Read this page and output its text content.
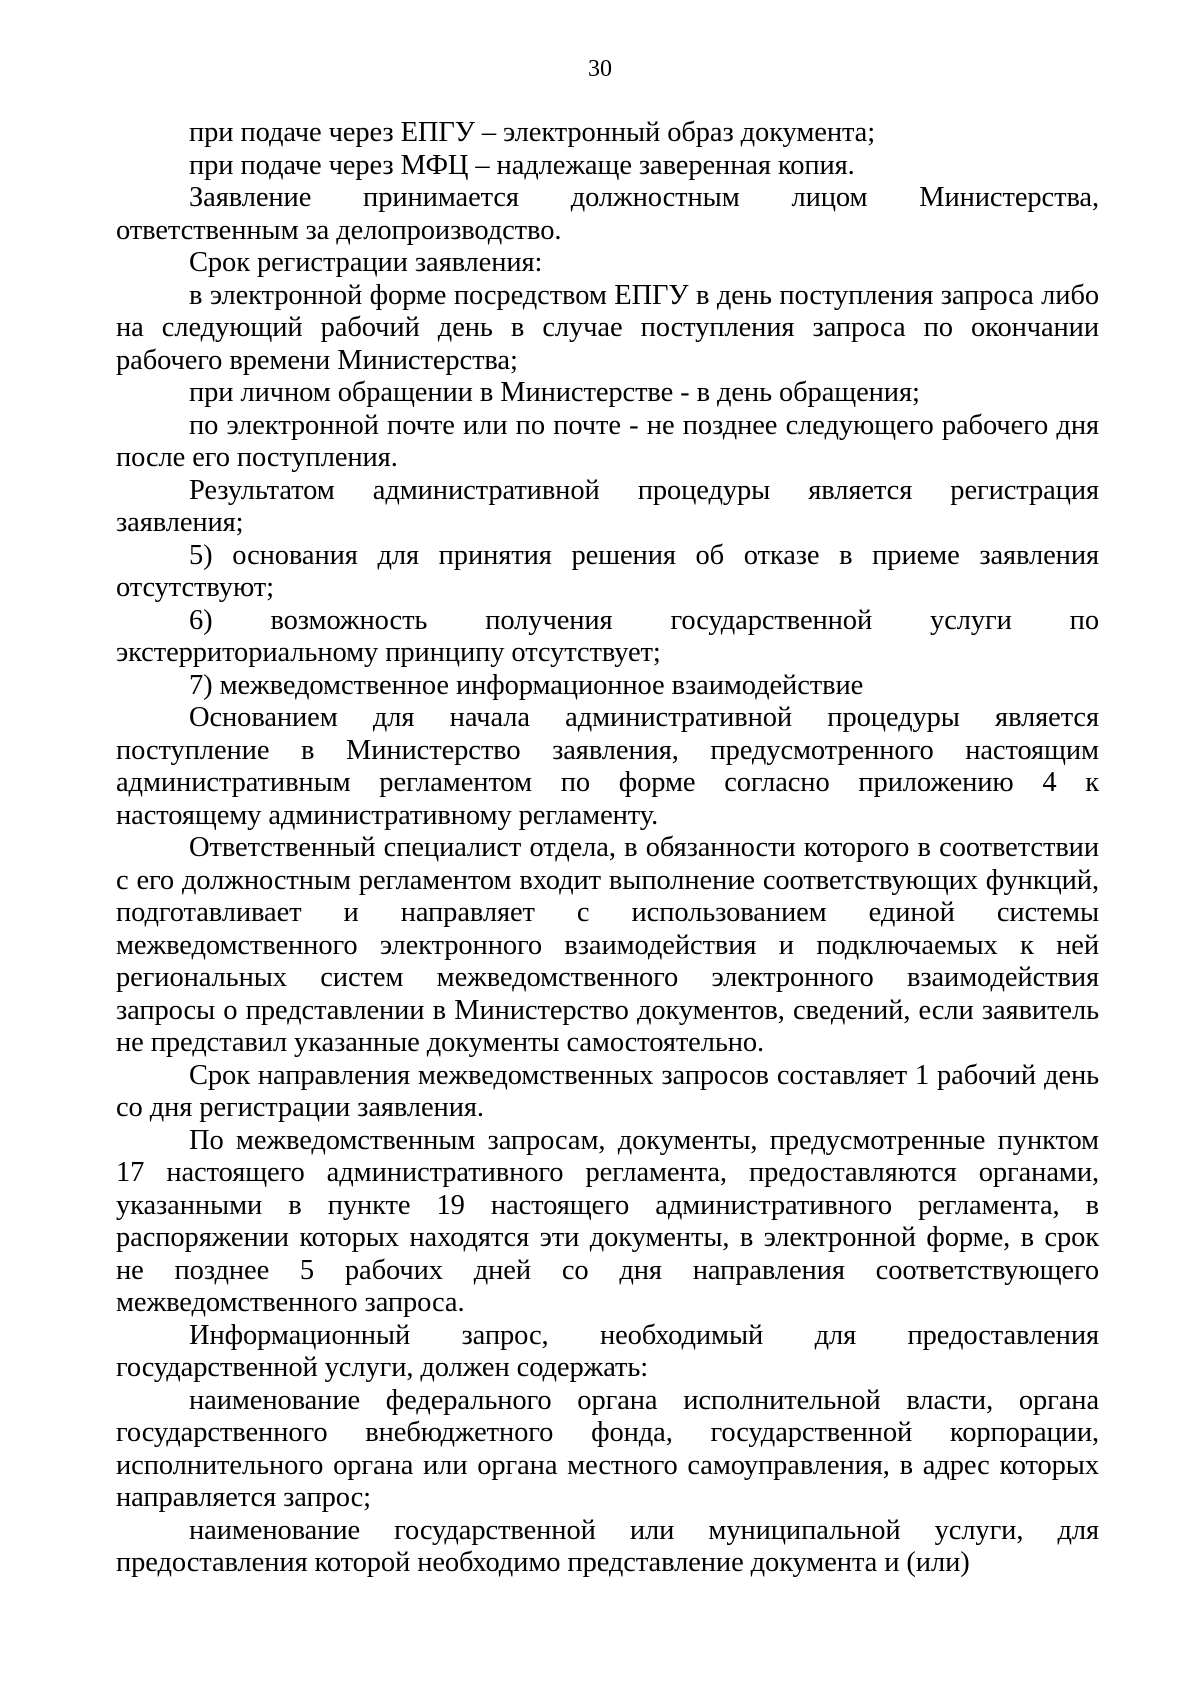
30

при подаче через ЕПГУ – электронный образ документа;

при подаче через МФЦ – надлежаще заверенная копия.

Заявление принимается должностным лицом Министерства, ответственным за делопроизводство.

Срок регистрации заявления:

в электронной форме посредством ЕПГУ в день поступления запроса либо на следующий рабочий день в случае поступления запроса по окончании рабочего времени Министерства;

при личном обращении в Министерстве - в день обращения;

по электронной почте или по почте - не позднее следующего рабочего дня после его поступления.

Результатом административной процедуры является регистрация заявления;

5) основания для принятия решения об отказе в приеме заявления отсутствуют;

6) возможность получения государственной услуги по экстерриториальному принципу отсутствует;

7) межведомственное информационное взаимодействие

Основанием для начала административной процедуры является поступление в Министерство заявления, предусмотренного настоящим административным регламентом по форме согласно приложению 4 к настоящему административному регламенту.

Ответственный специалист отдела, в обязанности которого в соответствии с его должностным регламентом входит выполнение соответствующих функций, подготавливает и направляет с использованием единой системы межведомственного электронного взаимодействия и подключаемых к ней региональных систем межведомственного электронного взаимодействия запросы о представлении в Министерство документов, сведений, если заявитель не представил указанные документы самостоятельно.

Срок направления межведомственных запросов составляет 1 рабочий день со дня регистрации заявления.

По межведомственным запросам, документы, предусмотренные пунктом 17 настоящего административного регламента, предоставляются органами, указанными в пункте 19 настоящего административного регламента, в распоряжении которых находятся эти документы, в электронной форме, в срок не позднее 5 рабочих дней со дня направления соответствующего межведомственного запроса.

Информационный запрос, необходимый для предоставления государственной услуги, должен содержать:

наименование федерального органа исполнительной власти, органа государственного внебюджетного фонда, государственной корпорации, исполнительного органа или органа местного самоуправления, в адрес которых направляется запрос;

наименование государственной или муниципальной услуги, для предоставления которой необходимо представление документа и (или)
